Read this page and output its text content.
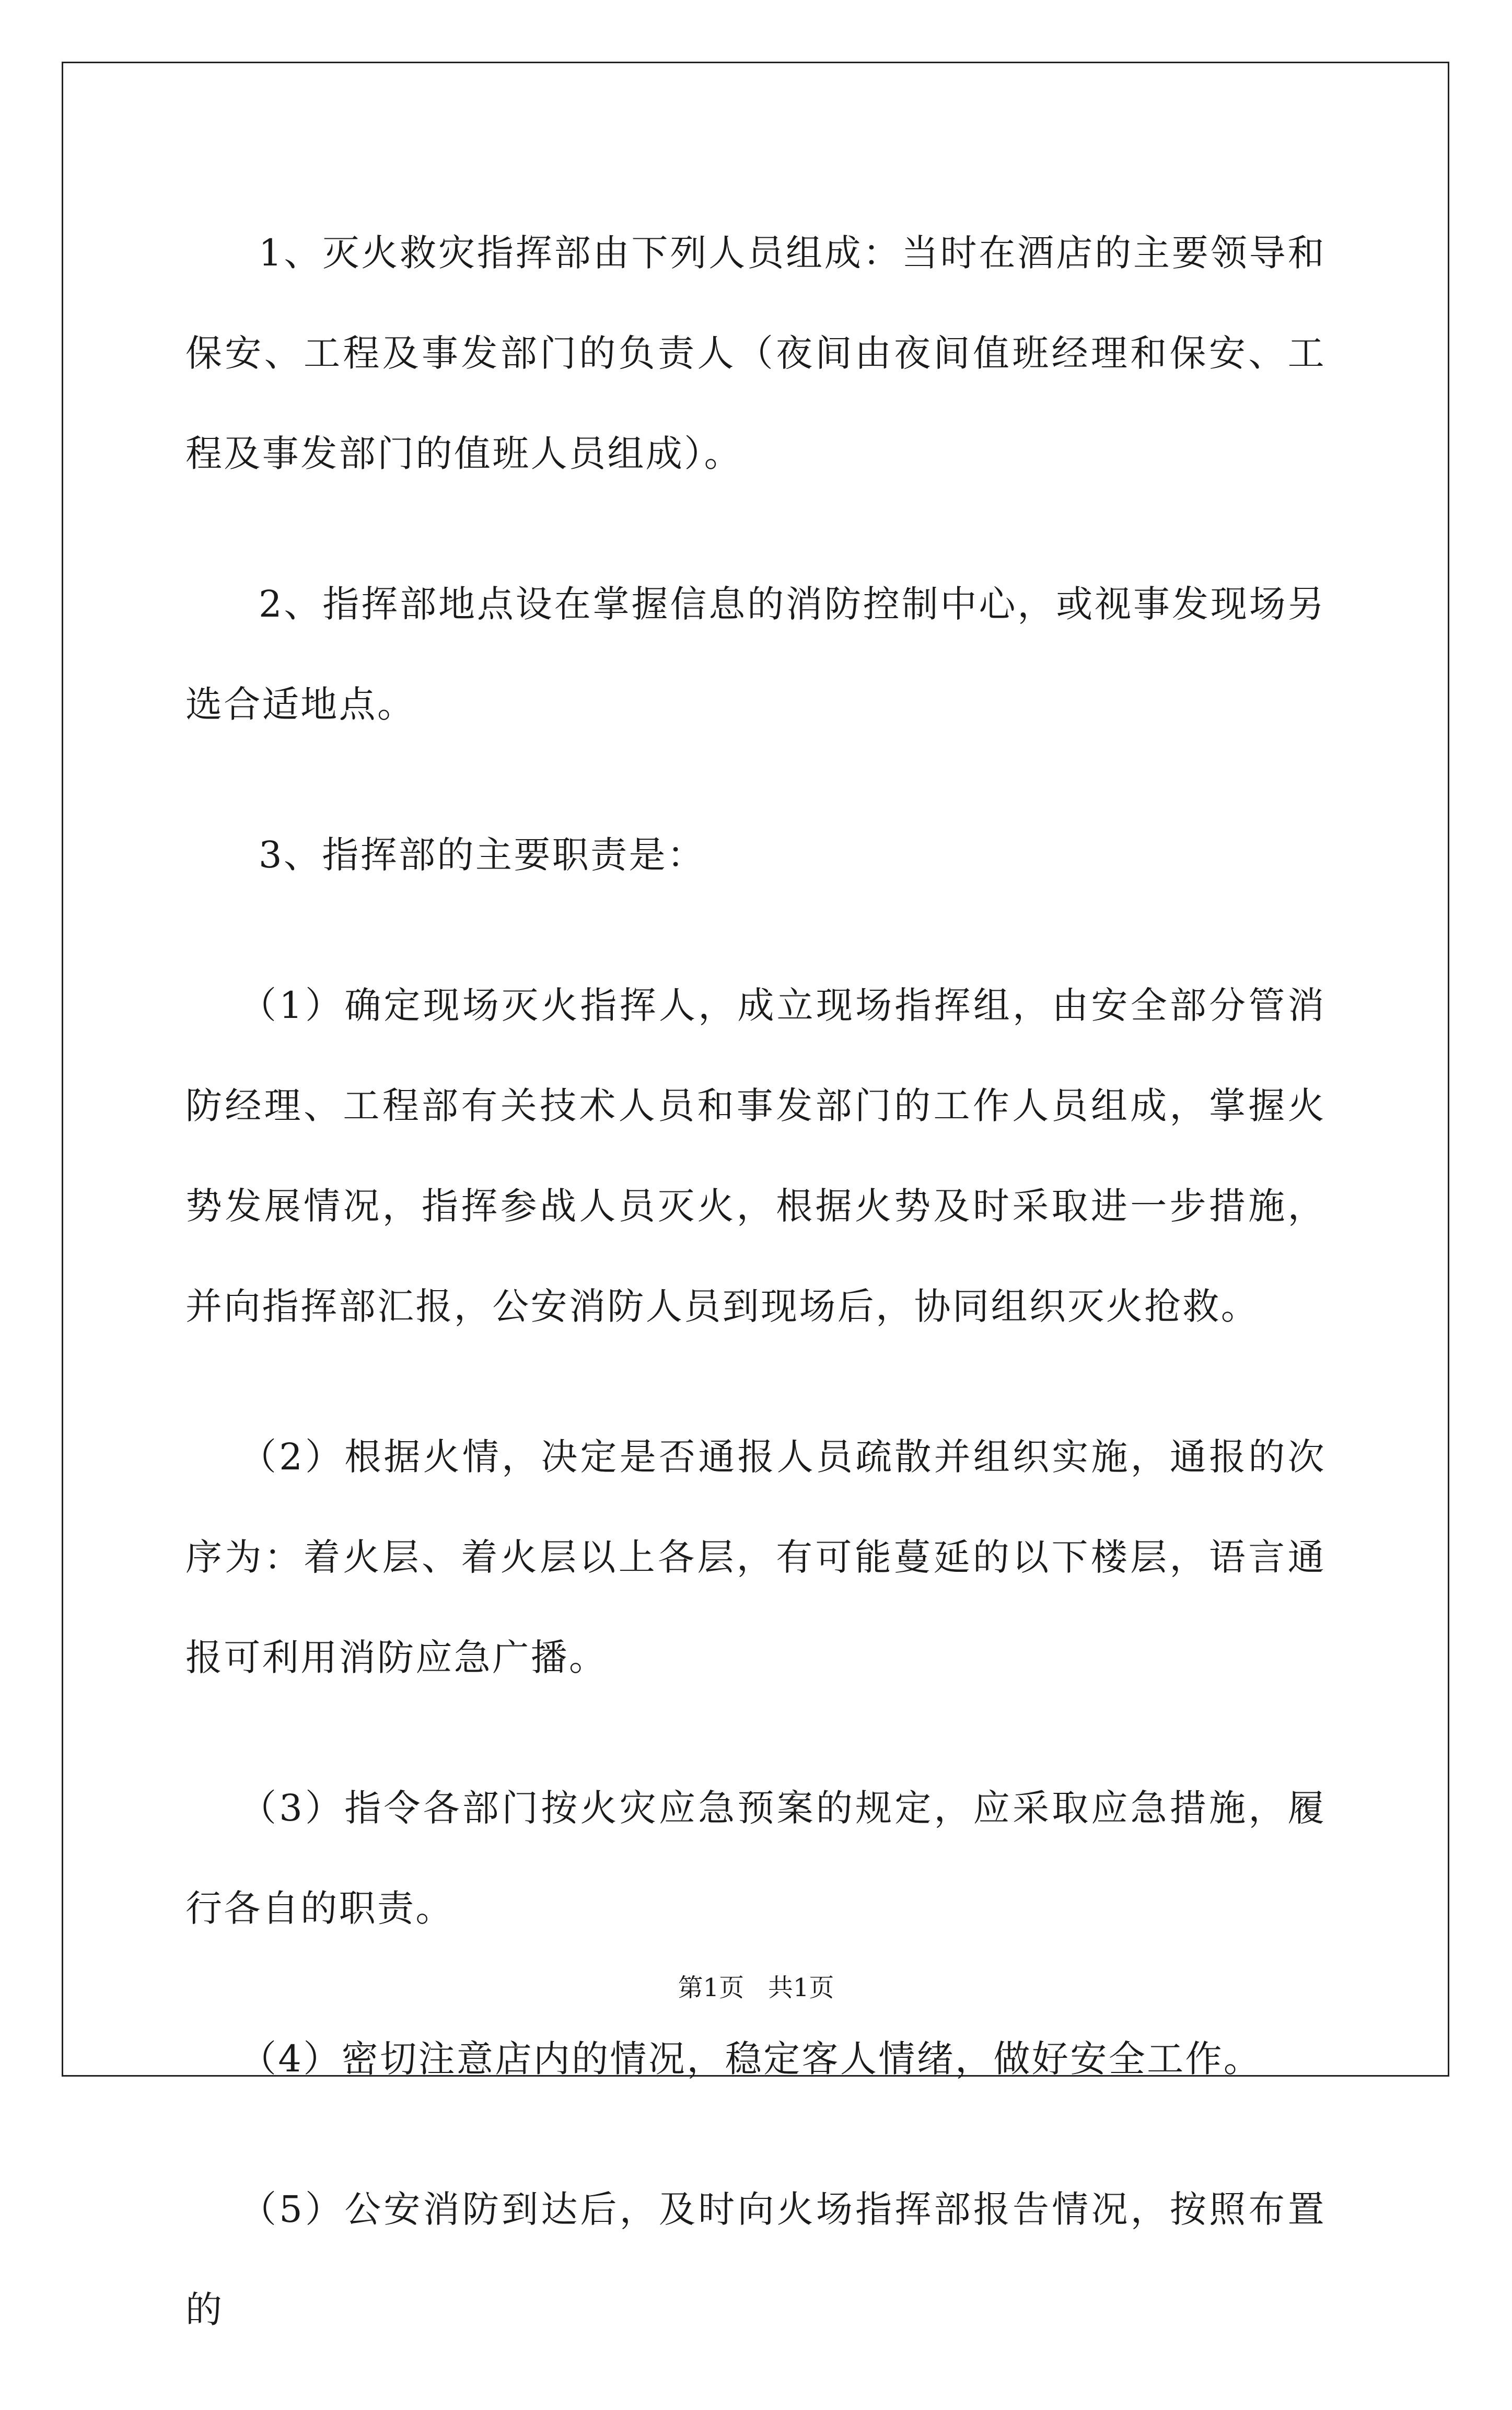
1、灭火救灾指挥部由下列人员组成：当时在酒店的主要领导和保安、工程及事发部门的负责人（夜间由夜间值班经理和保安、工程及事发部门的值班人员组成）。

2、指挥部地点设在掌握信息的消防控制中心，或视事发现场另选合适地点。

3、指挥部的主要职责是：

（1）确定现场灭火指挥人，成立现场指挥组，由安全部分管消防经理、工程部有关技术人员和事发部门的工作人员组成，掌握火势发展情况，指挥参战人员灭火，根据火势及时采取进一步措施，并向指挥部汇报，公安消防人员到现场后，协同组织灭火抢救。

（2）根据火情，决定是否通报人员疏散并组织实施，通报的次序为：着火层、着火层以上各层，有可能蔓延的以下楼层，语言通报可利用消防应急广播。

（3）指令各部门按火灾应急预案的规定，应采取应急措施，履行各自的职责。

（4）密切注意店内的情况，稳定客人情绪，做好安全工作。

（5）公安消防到达后，及时向火场指挥部报告情况，按照布置的

第1页   共1页
